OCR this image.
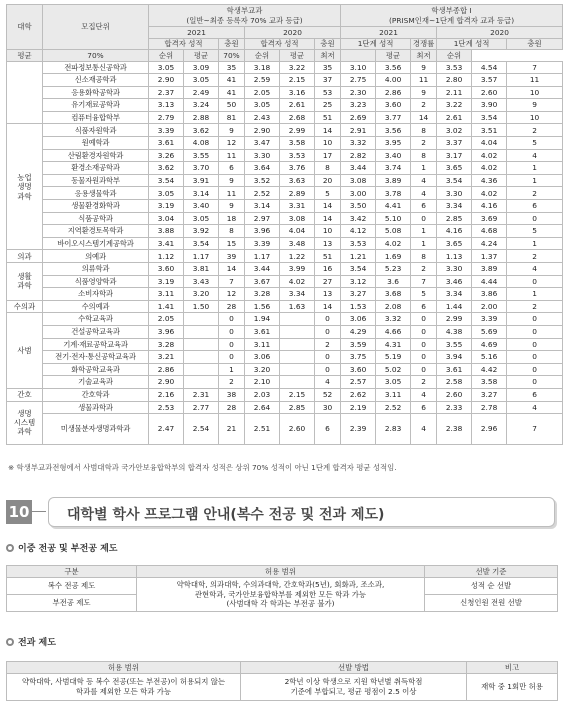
대학	모집단위	학생부교과
(일반~최종 등록자 70% 교과 등급)						학생부종합 I
(PRISM인재~1단계 합격자 교과 등급)					
		2021			2020			2021			2020		
		합격자 성적		충원	합격자 성적		충원	1단계 성적		경쟁률	1단계 성적		충원
평균	70%	순위	평균	70%	순위	평균	최저		평균	최저	순위		
	전파정보통신공학과	3.05	3.09	35	3.18	3.22	35	3.10	3.56	9	3.53	4.54	7
	신소재공학과	2.90	3.05	41	2.59	2.15	37	2.75	4.00	11	2.80	3.57	11
	응용화학공학과	2.37	2.49	41	2.05	3.16	53	2.30	2.86	9	2.11	2.60	10
	유기재료공학과	3.13	3.24	50	3.05	2.61	25	3.23	3.60	2	3.22	3.90	9
	컴퓨터융합학부	2.79	2.88	81	2.43	2.68	51	2.69	3.77	14	2.61	3.54	10
농업
생명
과학	식품자원학과	3.39	3.62	9	2.90	2.99	14	2.91	3.56	8	3.02	3.51	2
	원예학과	3.61	4.08	12	3.47	3.58	10	3.32	3.95	2	3.37	4.04	5
	산림환경자원학과	3.26	3.55	11	3.30	3.53	17	2.82	3.40	8	3.17	4.02	4
	환경소재공학과	3.62	3.70	6	3.64	3.76	8	3.44	3.74	1	3.65	4.02	1
	동물자원과학부	3.54	3.91	9	3.52	3.63	20	3.08	3.89	4	3.54	4.36	1
	응용생물학과	3.05	3.14	11	2.52	2.89	5	3.00	3.78	4	3.30	4.02	2
	생물환경화학과	3.19	3.40	9	3.14	3.31	14	3.50	4.41	6	3.34	4.16	6
	식품공학과	3.04	3.05	18	2.97	3.08	14	3.42	5.10	0	2.85	3.69	0
	지역환경토목학과	3.88	3.92	8	3.96	4.04	10	4.12	5.08	1	4.16	4.68	5
	바이오시스템기계공학과	3.41	3.54	15	3.39	3.48	13	3.53	4.02	1	3.65	4.24	1
의과	의예과	1.12	1.17	39	1.17	1.22	51	1.21	1.69	8	1.13	1.37	2
생활
과학	의류학과	3.60	3.81	14	3.44	3.99	16	3.54	5.23	2	3.30	3.89	4
	식품영양학과	3.19	3.43	7	3.67	4.02	27	3.12	3.6	7	3.46	4.44	0
	소비자학과	3.11	3.20	12	3.28	3.34	13	3.27	3.68	5	3.34	3.86	1
수의과	수의예과	1.41	1.50	28	1.56	1.63	14	1.53	2.08	6	1.44	2.00	2
사범	수학교육과	2.05		0	1.94		0	3.06	3.32	0	2.99	3.39	0
	건설공학교육과	3.96		0	3.61		0	4.29	4.66	0	4.38	5.69	0
	기계·재료공학교육과	3.28		0	3.11		2	3.59	4.31	0	3.55	4.69	0
	전기·전자·통신공학교육과	3.21		0	3.06		0	3.75	5.19	0	3.94	5.16	0
	화학공학교육과	2.86		1	3.20		0	3.60	5.02	0	3.61	4.42	0
	기술교육과	2.90		2	2.10		4	2.57	3.05	2	2.58	3.58	0
간호	간호학과	2.16	2.31	38	2.03	2.15	52	2.62	3.11	4	2.60	3.27	6
생명
시스템
과학	생물과학과	2.53	2.77	28	2.64	2.85	30	2.19	2.52	6	2.33	2.78	4
	미생물분자생명과학과	2.47	2.54	21	2.51	2.60	6	2.39	2.83	4	2.38	2.96	7
※ 학생부교과전형에서 사범대학과 국가안보융합학부의 합격자 성적은 상위 70% 성적이 아닌 1단계 합격자 평균 성적임.
10	대학별 학사 프로그램 안내(복수 전공 및 전과 제도)
이중 전공 및 부전공 제도
구분	허용 범위	선발 기준
복수 전공 제도	약학대학, 의과대학, 수의과대학, 간호학과(5년), 회화과, 조소과,
관현학과, 국가안보융합학부를 제외한 모든 학과 가능
(사범대학 각 학과는 부전공 불가)	성적 순 선발
부전공 제도		신청인원 전원 선발
전과 제도
허용 범위	선발 방법	비고
약학대학, 사범대학 등 복수 전공(또는 부전공)이 허용되지 않는
학과를 제외한 모든 학과 가능	2학년 이상 학생으로 지원 학년별 취득학점
기준에 부합되고, 평균 평점이 2.5 이상	재학 중 1회만 허용
